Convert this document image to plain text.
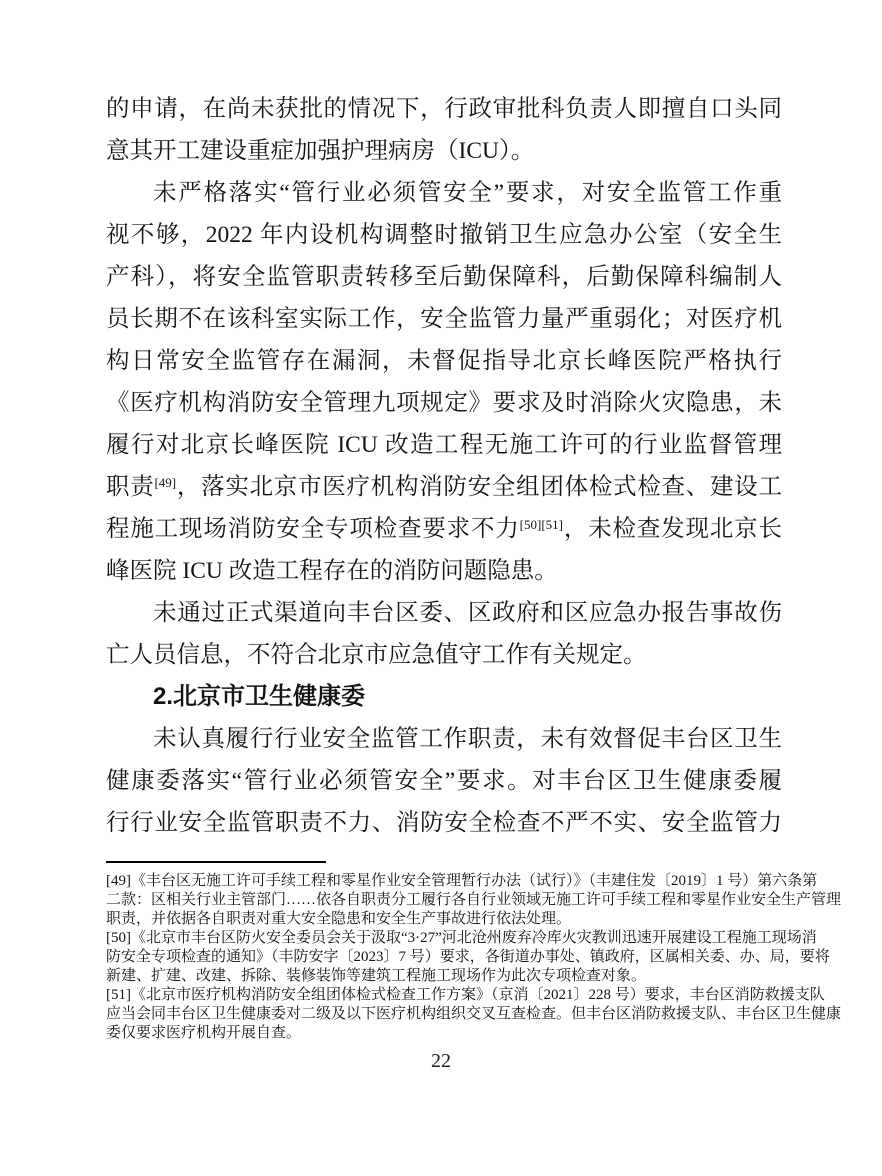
的申请，在尚未获批的情况下，行政审批科负责人即擅自口头同
意其开工建设重症加强护理病房（ICU）。
未严格落实“管行业必须管安全”要求，对安全监管工作重
视不够，2022 年内设机构调整时撤销卫生应急办公室（安全生
产科），将安全监管职责转移至后勤保障科，后勤保障科编制人
员长期不在该科室实际工作，安全监管力量严重弱化；对医疗机
构日常安全监管存在漏洞，未督促指导北京长峰医院严格执行
《医疗机构消防安全管理九项规定》要求及时消除火灾隐患，未
履行对北京长峰医院 ICU 改造工程无施工许可的行业监督管理
职责[49]，落实北京市医疗机构消防安全组团体检式检查、建设工
程施工现场消防安全专项检查要求不力[50][51]，未检查发现北京长
峰医院 ICU 改造工程存在的消防问题隐患。
未通过正式渠道向丰台区委、区政府和区应急办报告事故伤
亡人员信息，不符合北京市应急值守工作有关规定。
2.北京市卫生健康委
未认真履行行业安全监管工作职责，未有效督促丰台区卫生
健康委落实“管行业必须管安全”要求。对丰台区卫生健康委履
行行业安全监管职责不力、消防安全检查不严不实、安全监管力
[49]《丰台区无施工许可手续工程和零星作业安全管理暂行办法（试行）》（丰建住发〔2019〕1 号）第六条第
二款：区相关行业主管部门……依各自职责分工履行各自行业领域无施工许可手续工程和零星作业安全生产管理
职责，并依据各自职责对重大安全隐患和安全生产事故进行依法处理。
[50]《北京市丰台区防火安全委员会关于汲取“3·27”河北沧州废弃冷库火灾教训迅速开展建设工程施工现场消
防安全专项检查的通知》（丰防安字〔2023〕7 号）要求，各街道办事处、镇政府，区属相关委、办、局，要将
新建、扩建、改建、拆除、装修装饰等建筑工程施工现场作为此次专项检查对象。
[51]《北京市医疗机构消防安全组团体检式检查工作方案》（京消〔2021〕228 号）要求，丰台区消防救援支队
应当会同丰台区卫生健康委对二级及以下医疗机构组织交叉互查检查。但丰台区消防救援支队、丰台区卫生健康
委仅要求医疗机构开展自查。
22
